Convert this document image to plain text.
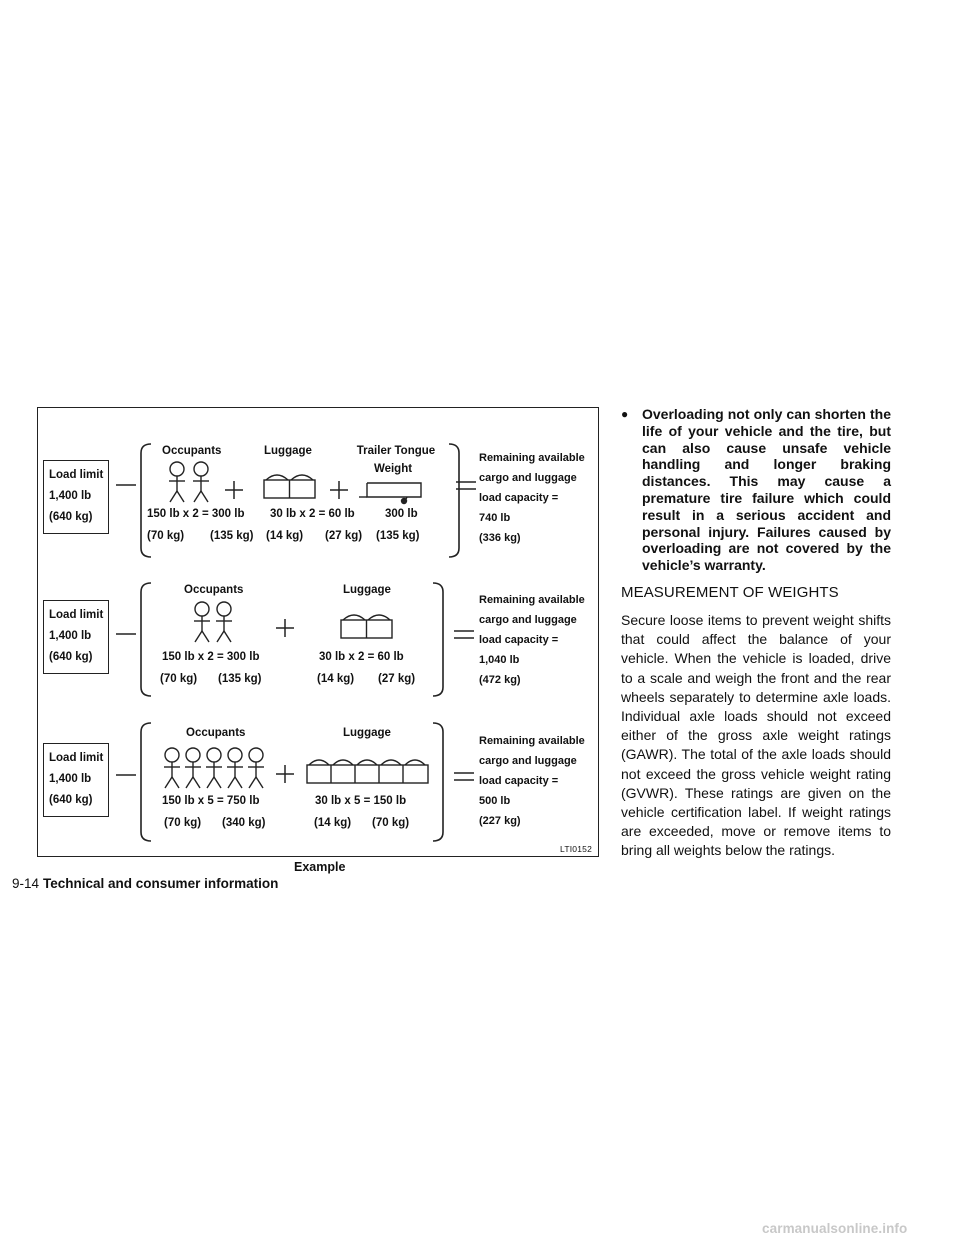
Load limit
1,400 lb
(640 kg)
Occupants	Luggage	Trailer Tongue
Weight
150 lb x 2 = 300 lb
(70 kg) (135 kg)
30 lb x 2 = 60 lb
(14 kg) (27 kg)
300 lb
(135 kg)
Remaining available
cargo and luggage
load capacity =
740 lb
(336 kg)
Load limit
1,400 lb
(640 kg)
Occupants	Luggage
150 lb x 2 = 300 lb
(70 kg) (135 kg)
30 lb x 2 = 60 lb
(14 kg) (27 kg)
Remaining available
cargo and luggage
load capacity =
1,040 lb
(472 kg)
Load limit
1,400 lb
(640 kg)
Occupants	Luggage
150 lb x 5 = 750 lb
(70 kg) (340 kg)
30 lb x 5 = 150 lb
(14 kg) (70 kg)
Remaining available
cargo and luggage
load capacity =
500 lb
(227 kg)
LTI0152
Example
9-14 Technical and consumer information
● Overloading not only can shorten the life of your vehicle and the tire, but can also cause unsafe vehicle handling and longer braking distances. This may cause a premature tire failure which could result in a serious accident and personal injury. Failures caused by overloading are not covered by the vehicle’s warranty.
MEASUREMENT OF WEIGHTS
Secure loose items to prevent weight shifts that could affect the balance of your vehicle. When the vehicle is loaded, drive to a scale and weigh the front and the rear wheels separately to determine axle loads. Individual axle loads should not exceed either of the gross axle weight ratings (GAWR). The total of the axle loads should not exceed the gross vehicle weight rating (GVWR). These ratings are given on the vehicle certification label. If weight ratings are exceeded, move or remove items to bring all weights below the ratings.
carmanualsonline.info
